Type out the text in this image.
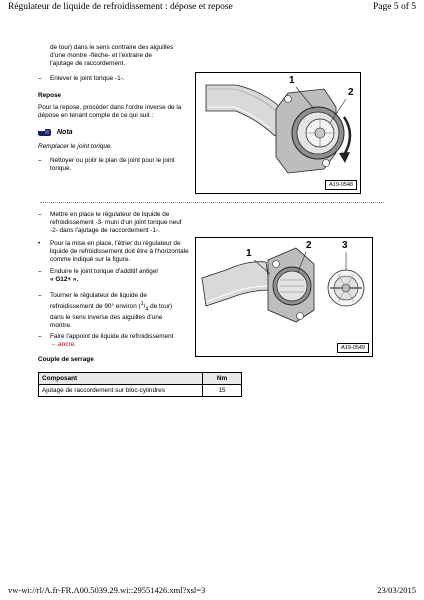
Régulateur de liquide de refroidissement : dépose et repose	Page 5 of 5
de tour) dans le sens contraire des aiguilles
d'une montre -flèche- et l'extraire de
l'ajutage de raccordement.
– Enlever le joint torique -1-.
Repose
Pour la repose, procéder dans l'ordre inverse de la dépose en tenant compte de ce qui suit :
Nota
Remplacer le joint torique.
– Nettoyer ou polir le plan de joint pour le joint torique.
1
2
A19-0548
– Mettre en place le régulateur de liquide de refroidissement -3- muni d'un joint torique neuf -2- dans l'ajutage de raccordement -1-.
• Pour la mise en place, l'étrier du régulateur de liquide de refroidissement doit être à l'horizontale comme indiqué sur la figure.
– Enduire le joint torique d'additif antigel
« G12+ ».
– Tourner le régulateur de liquide de
refroidissement de 90° environ ($^1/_4$ de tour)
dans le sens inverse des aiguilles d'une
montre.
– Faire l'appoint de liquide de refroidissement
→ ancre.
1
2	3
A19-0549
Couple de serrage
Composant	Nm
Ajutage de raccordement sur bloc-cylindres	15
vw-wi://rl/A.fr-FR.A00.5039.29.wi::29551426.xml?xsl=3	23/03/2015
